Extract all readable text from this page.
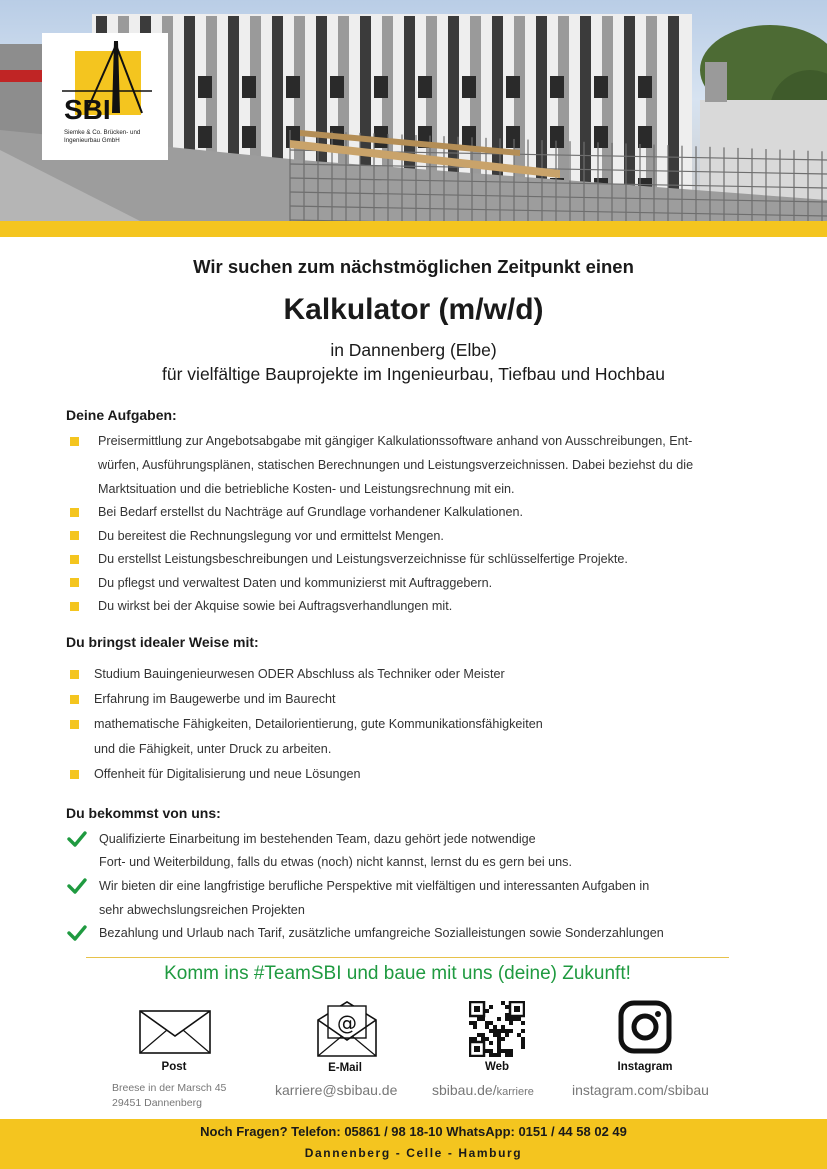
SBI
Siemke & Co. Brücken- und Ingenieurbau GmbH
Wir suchen zum nächstmöglichen Zeitpunkt einen
Kalkulator (m/w/d)
in Dannenberg (Elbe)
für vielfältige Bauprojekte im Ingenieurbau, Tiefbau und Hochbau
Deine Aufgaben:
Preisermittlung zur Angebotsabgabe mit gängiger Kalkulationssoftware anhand von Ausschreibungen, Ent-
würfen, Ausführungsplänen, statischen Berechnungen und Leistungsverzeichnissen. Dabei beziehst du die
Marktsituation und die betriebliche Kosten- und Leistungsrechnung mit ein.
Bei Bedarf erstellst du Nachträge auf Grundlage vorhandener Kalkulationen.
Du bereitest die Rechnungslegung vor und ermittelst Mengen.
Du erstellst Leistungsbeschreibungen und Leistungsverzeichnisse für schlüsselfertige Projekte.
Du pflegst und verwaltest Daten und kommunizierst mit Auftraggebern.
Du wirkst bei der Akquise sowie bei Auftragsverhandlungen mit.
Du bringst idealer Weise mit:
Studium Bauingenieurwesen ODER Abschluss als Techniker oder Meister
Erfahrung im Baugewerbe und im Baurecht
mathematische Fähigkeiten, Detailorientierung, gute Kommunikationsfähigkeiten
und die Fähigkeit, unter Druck zu arbeiten.
Offenheit für Digitalisierung und neue Lösungen
Du bekommst von uns:
Qualifizierte Einarbeitung im bestehenden Team, dazu gehört jede notwendige
Fort- und Weiterbildung, falls du etwas (noch) nicht kannst, lernst du es gern bei uns.
Wir bieten dir eine langfristige berufliche Perspektive mit vielfältigen und interessanten Aufgaben in
sehr abwechslungsreichen Projekten
Bezahlung und Urlaub nach Tarif, zusätzliche umfangreiche Sozialleistungen sowie Sonderzahlungen
Komm ins #TeamSBI und baue mit uns (deine) Zukunft!
Post
Breese in der Marsch 45
29451 Dannenberg
@
E-Mail
karriere@sbibau.de
Web
sbibau.de/karriere
Instagram
instagram.com/sbibau
Noch Fragen? Telefon: 05861 / 98 18-10 WhatsApp: 0151 / 44 58 02 49
Dannenberg - Celle - Hamburg
